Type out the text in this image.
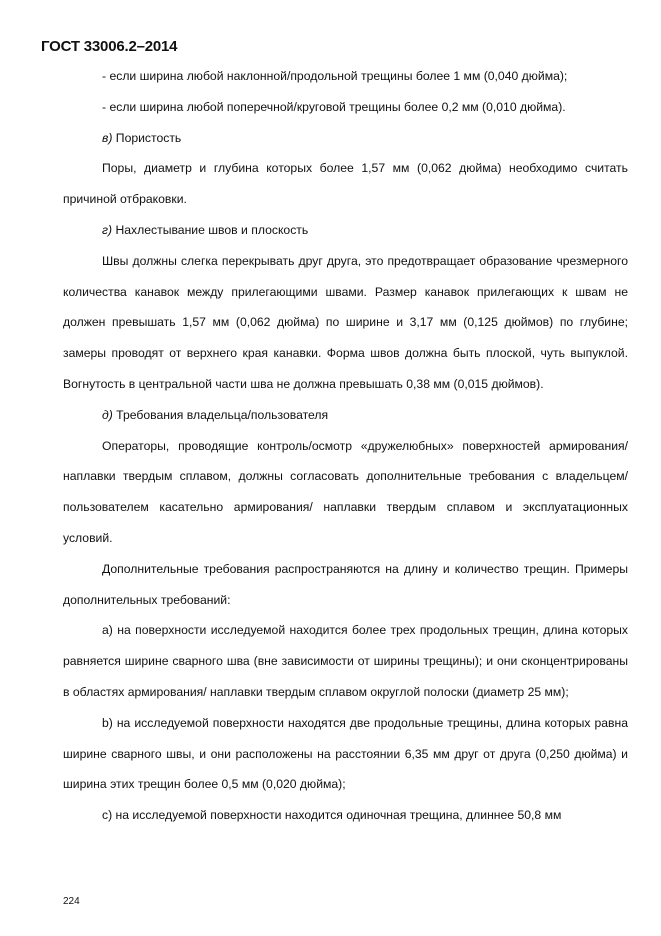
ГОСТ 33006.2–2014

- если ширина любой наклонной/продольной трещины более 1 мм (0,040 дюйма);

- если ширина любой поперечной/круговой трещины более 0,2 мм (0,010 дюйма).

в) Пористость

Поры, диаметр и глубина которых более 1,57 мм (0,062 дюйма) необходимо считать причиной отбраковки.

г) Нахлестывание швов и плоскость

Швы должны слегка перекрывать друг друга, это предотвращает образование чрезмерного количества канавок между прилегающими швами. Размер канавок прилегающих к швам не должен превышать 1,57 мм (0,062 дюйма) по ширине и 3,17 мм (0,125 дюймов) по глубине; замеры проводят от верхнего края канавки. Форма швов должна быть плоской, чуть выпуклой. Вогнутость в центральной части шва не должна превышать 0,38 мм (0,015 дюймов).

д) Требования владельца/пользователя

Операторы, проводящие контроль/осмотр «дружелюбных» поверхностей армирования/наплавки твердым сплавом, должны согласовать дополнительные требования с владельцем/пользователем касательно армирования/ наплавки твердым сплавом и эксплуатационных условий.

Дополнительные требования распространяются на длину и количество трещин. Примеры дополнительных требований:

а) на поверхности исследуемой находится более трех продольных трещин, длина которых равняется ширине сварного шва (вне зависимости от ширины трещины); и они сконцентрированы в областях армирования/ наплавки твердым сплавом округлой полоски (диаметр 25 мм);

b) на исследуемой поверхности находятся две продольные трещины, длина которых равна ширине сварного швы, и они расположены на расстоянии 6,35 мм друг от друга (0,250 дюйма) и ширина этих трещин более 0,5 мм (0,020 дюйма);

c) на исследуемой поверхности находится одиночная трещина, длиннее 50,8 мм

224
